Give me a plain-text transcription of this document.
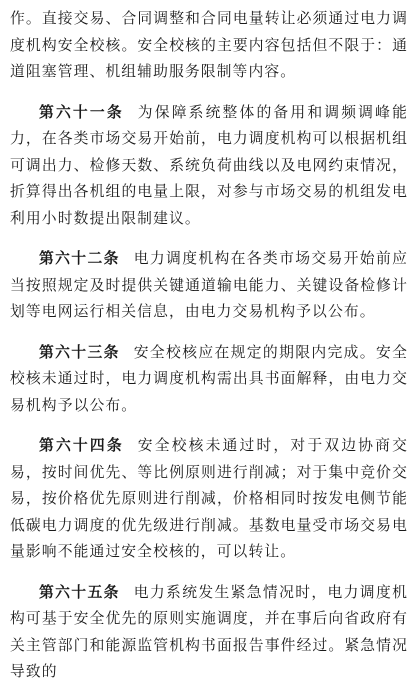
作。直接交易、合同调整和合同电量转让必须通过电力调度机构安全校核。安全校核的主要内容包括但不限于：通道阻塞管理、机组辅助服务限制等内容。

第六十一条 为保障系统整体的备用和调频调峰能力，在各类市场交易开始前，电力调度机构可以根据机组可调出力、检修天数、系统负荷曲线以及电网约束情况，折算得出各机组的电量上限，对参与市场交易的机组发电利用小时数提出限制建议。

第六十二条 电力调度机构在各类市场交易开始前应当按照规定及时提供关键通道输电能力、关键设备检修计划等电网运行相关信息，由电力交易机构予以公布。

第六十三条 安全校核应在规定的期限内完成。安全校核未通过时，电力调度机构需出具书面解释，由电力交易机构予以公布。

第六十四条 安全校核未通过时，对于双边协商交易，按时间优先、等比例原则进行削减；对于集中竞价交易，按价格优先原则进行削减，价格相同时按发电侧节能低碳电力调度的优先级进行削减。基数电量受市场交易电量影响不能通过安全校核的，可以转让。

第六十五条 电力系统发生紧急情况时，电力调度机构可基于安全优先的原则实施调度，并在事后向省政府有关主管部门和能源监管机构书面报告事件经过。紧急情况导致的
